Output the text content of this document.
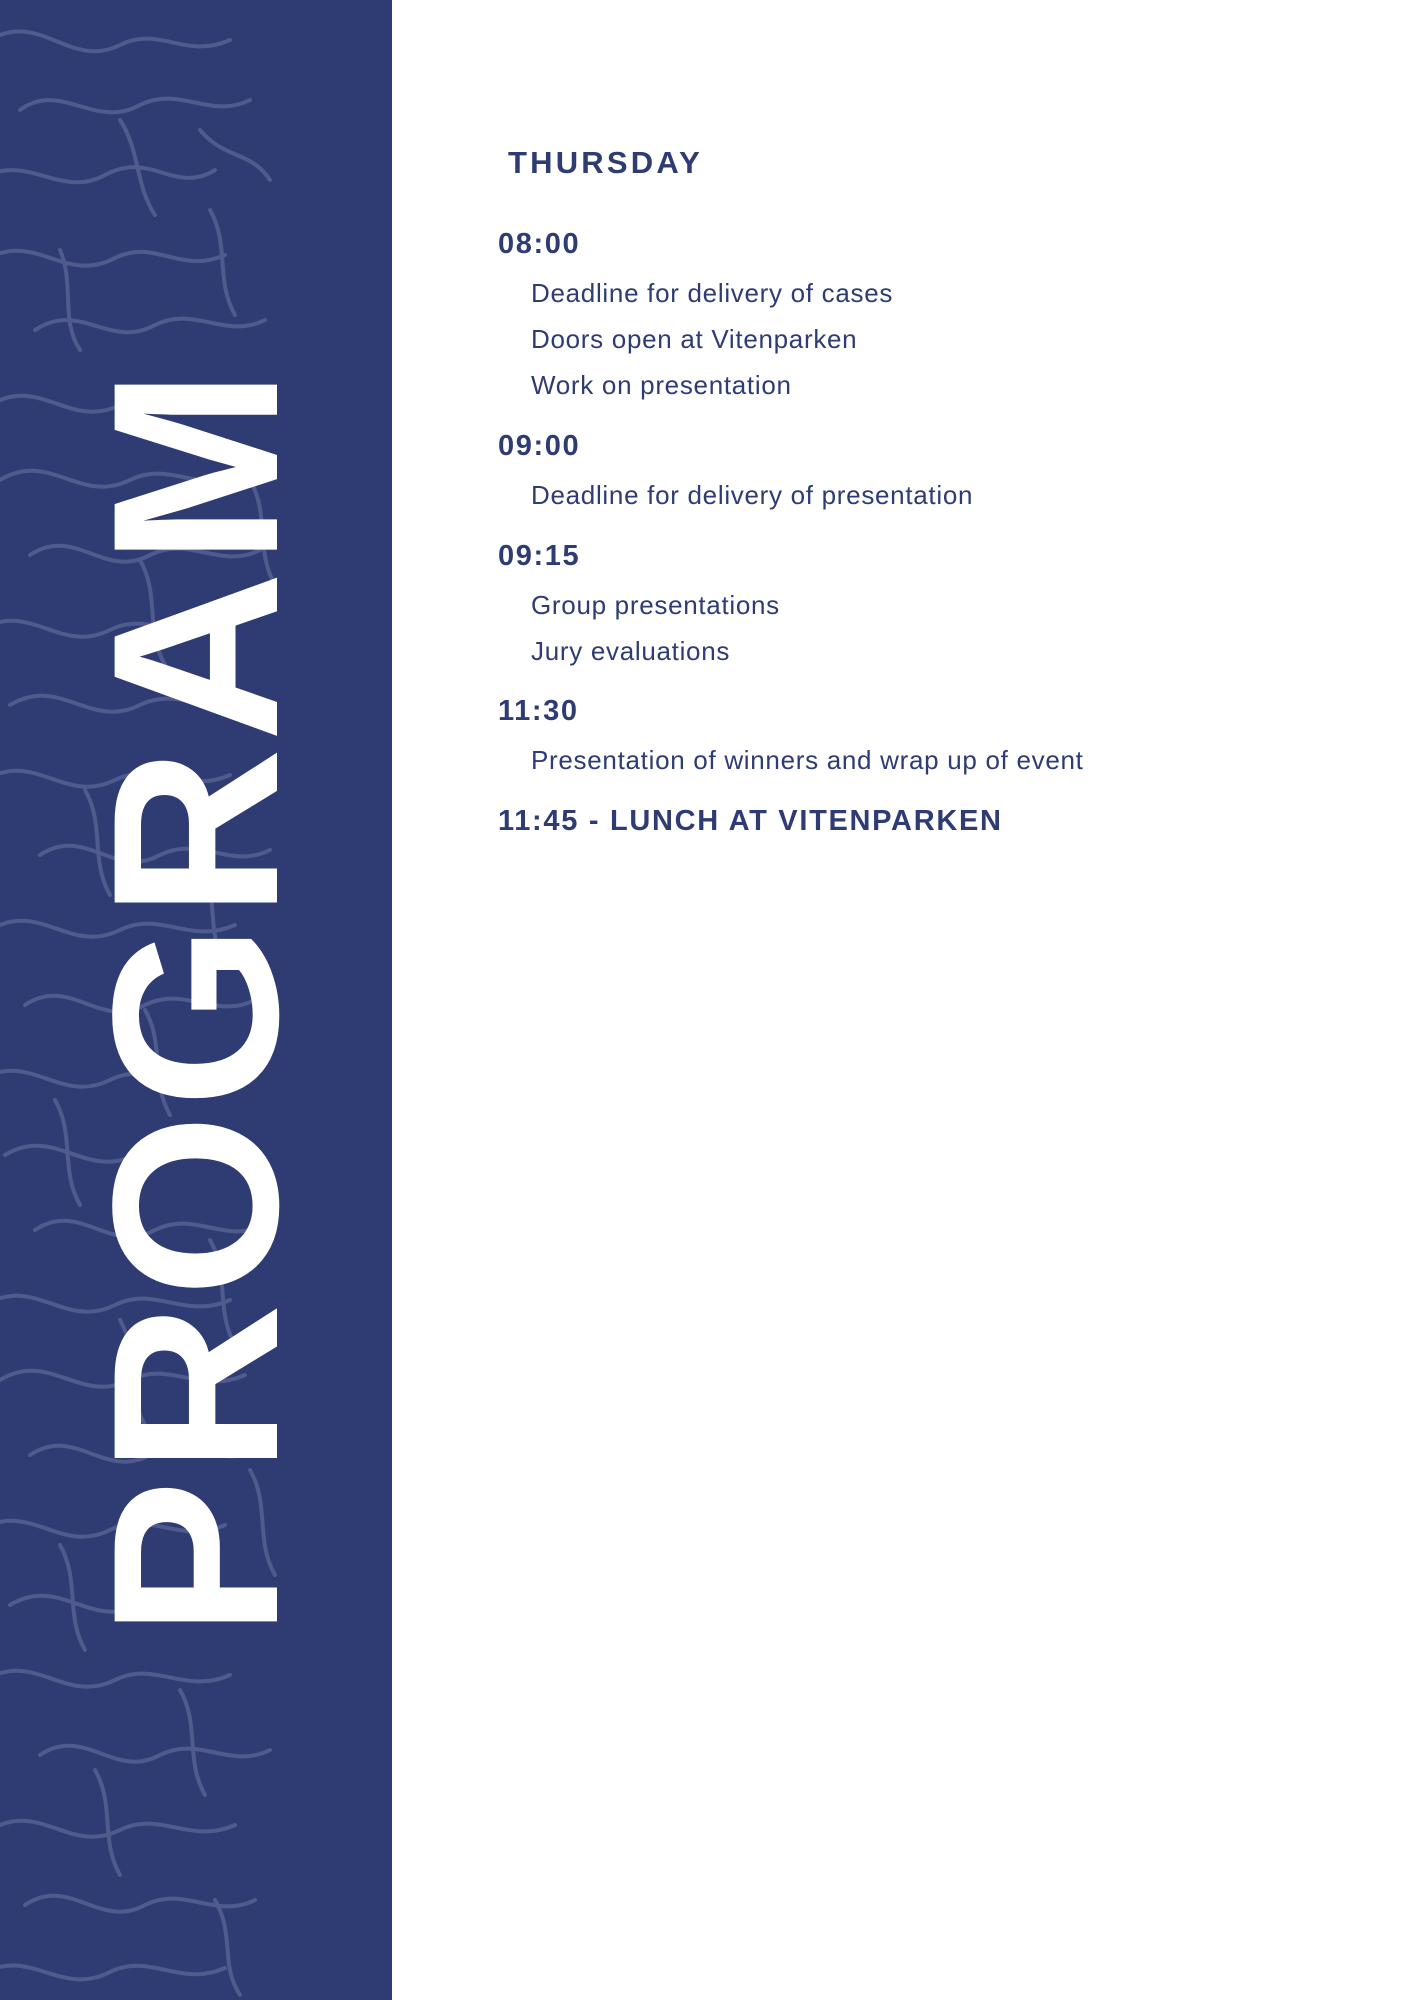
PROGRAM
THURSDAY
08:00
Deadline for delivery of cases
Doors open at Vitenparken
Work on presentation
09:00
Deadline for delivery of presentation
09:15
Group presentations
Jury evaluations
11:30
Presentation of winners and wrap up of event
11:45 - LUNCH AT VITENPARKEN
